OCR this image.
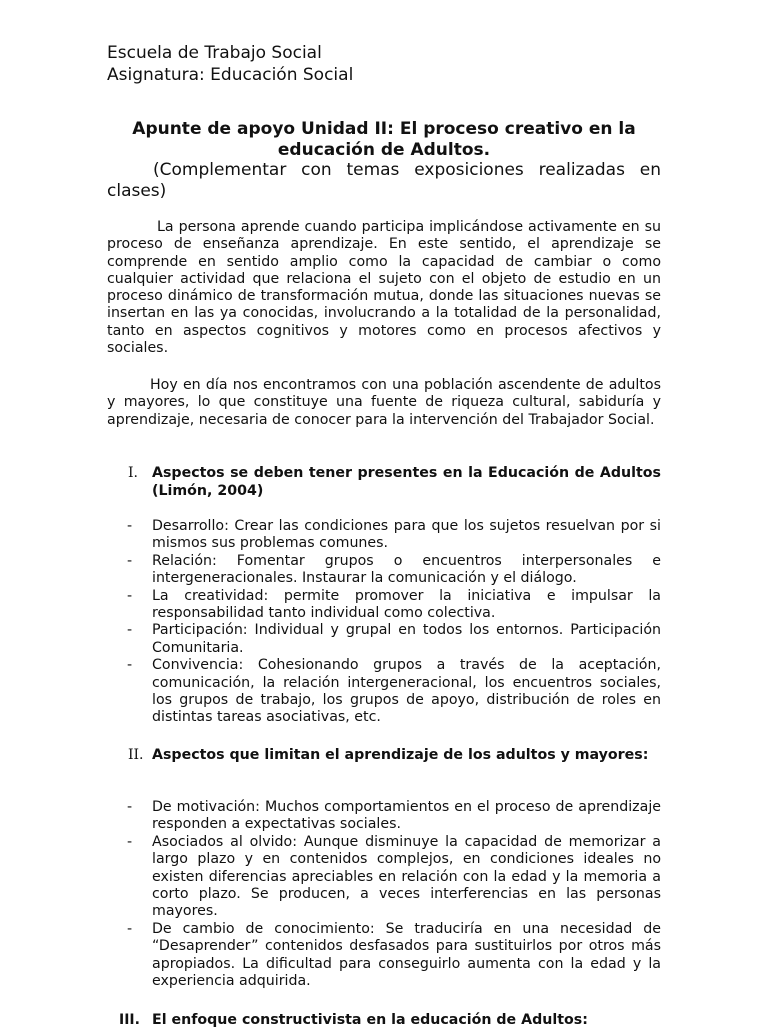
Escuela de Trabajo Social
Asignatura: Educación Social
Apunte de apoyo Unidad II: El proceso creativo en la
educación de Adultos.
(Complementar con temas exposiciones realizadas en clases)
La persona aprende cuando participa implicándose activamente en su proceso de enseñanza aprendizaje. En este sentido, el aprendizaje se comprende en sentido amplio como la capacidad de cambiar o como cualquier actividad que relaciona el sujeto con el objeto de estudio en un proceso dinámico de transformación mutua, donde las situaciones nuevas se insertan en las ya conocidas, involucrando a la totalidad de la personalidad, tanto en aspectos cognitivos y motores como en procesos afectivos y sociales.
Hoy en día nos encontramos con una población ascendente de adultos y mayores, lo que constituye una fuente de riqueza cultural, sabiduría y aprendizaje, necesaria de conocer para la intervención del Trabajador Social.
I. Aspectos se deben tener presentes en la Educación de Adultos (Limón, 2004)
- Desarrollo: Crear las condiciones para que los sujetos resuelvan por si mismos sus problemas comunes.
- Relación: Fomentar grupos o encuentros interpersonales e intergeneracionales. Instaurar la comunicación y el diálogo.
- La creatividad: permite promover la iniciativa e impulsar la responsabilidad tanto individual como colectiva.
- Participación: Individual y grupal en todos los entornos. Participación Comunitaria.
- Convivencia: Cohesionando grupos a través de la aceptación, comunicación, la relación intergeneracional, los encuentros sociales, los grupos de trabajo, los grupos de apoyo, distribución de roles en distintas tareas asociativas, etc.
II. Aspectos que limitan el aprendizaje de los adultos y mayores:
- De motivación: Muchos comportamientos en el proceso de aprendizaje responden a expectativas sociales.
- Asociados al olvido: Aunque disminuye la capacidad de memorizar a largo plazo y en contenidos complejos, en condiciones ideales no existen diferencias apreciables en relación con la edad y la memoria a corto plazo. Se producen, a veces interferencias en las personas mayores.
- De cambio de conocimiento: Se traduciría en una necesidad de “Desaprender” contenidos desfasados para sustituirlos por otros más apropiados. La dificultad para conseguirlo aumenta con la edad y la experiencia adquirida.
III. El enfoque constructivista en la educación de Adultos:
